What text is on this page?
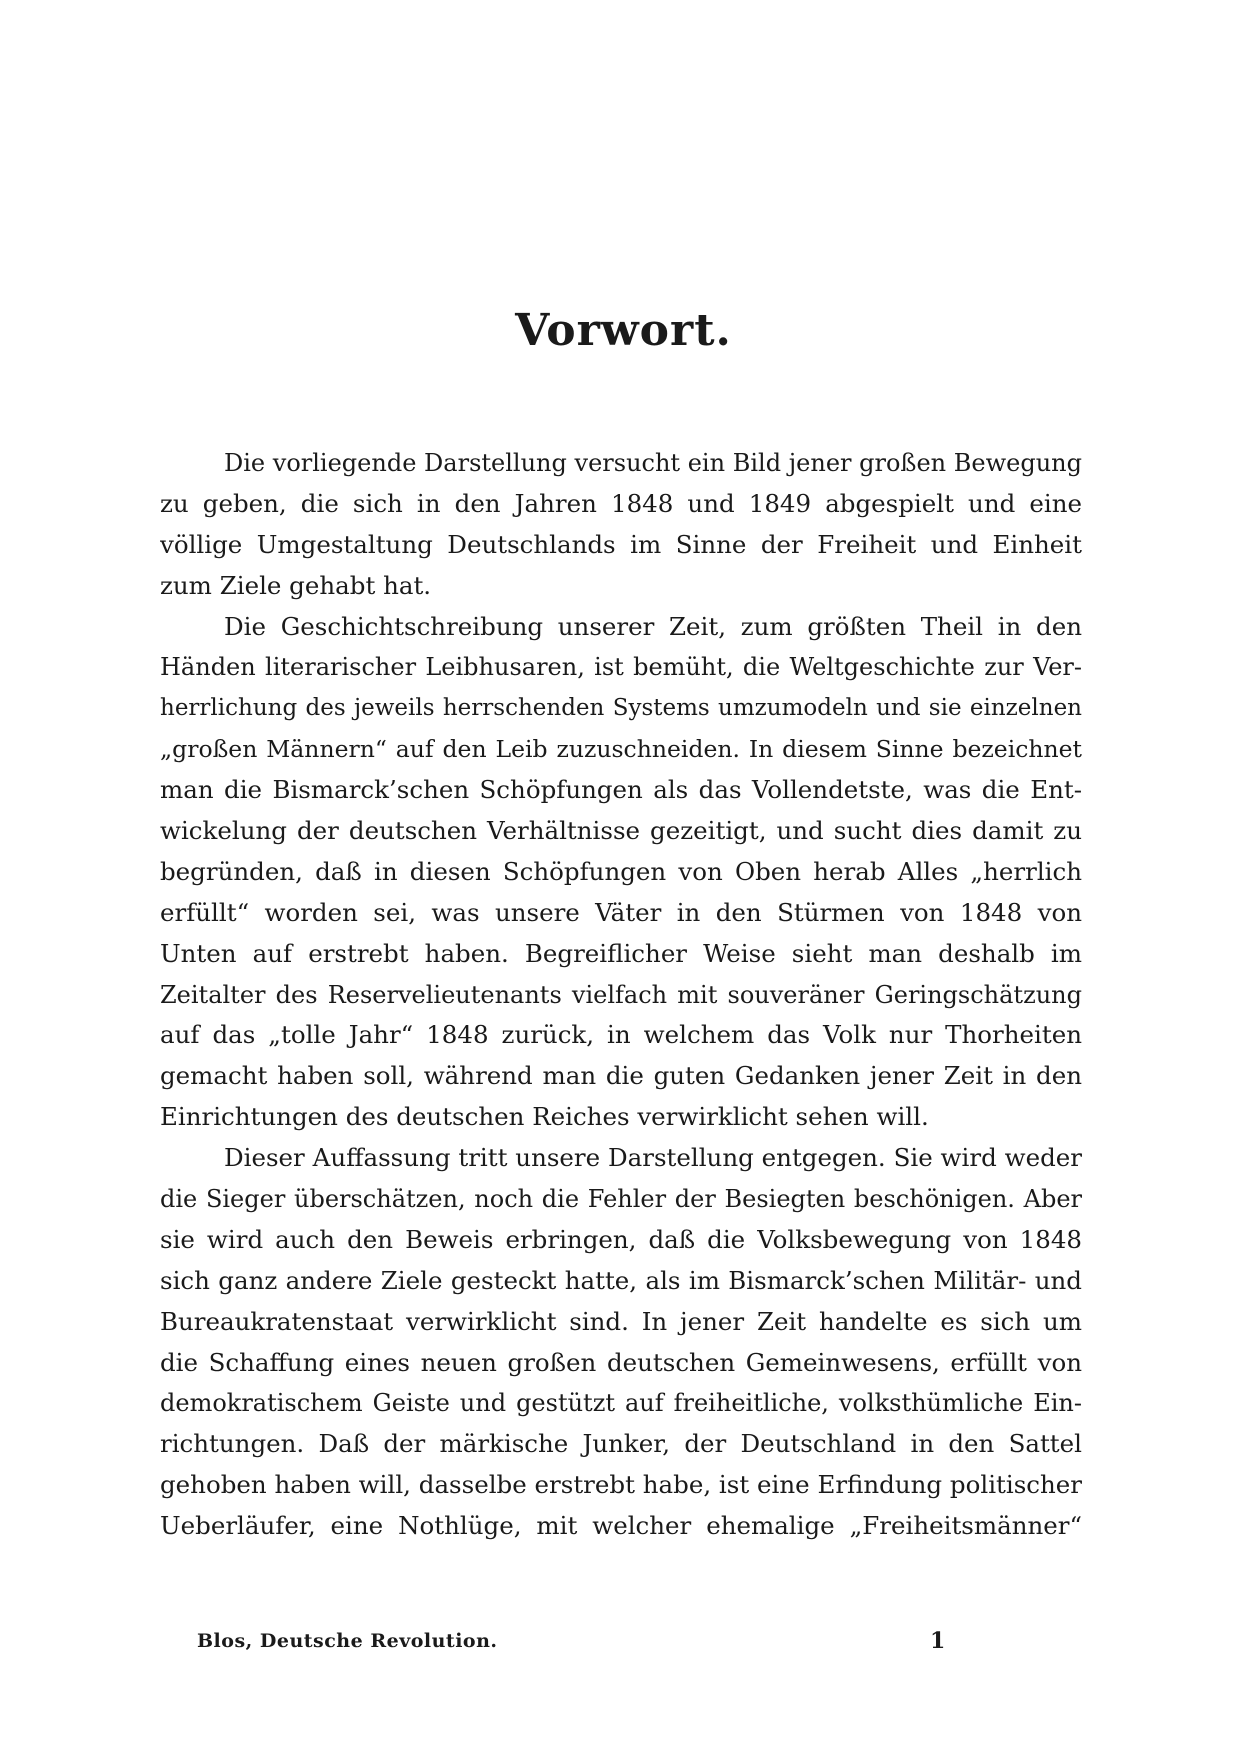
Vorwort.

Die vorliegende Darstellung versucht ein Bild jener großen Bewegung
zu geben, die sich in den Jahren 1848 und 1849 abgespielt und eine
völlige Umgestaltung Deutschlands im Sinne der Freiheit und Einheit
zum Ziele gehabt hat.

Die Geschichtschreibung unserer Zeit, zum größten Theil in den
Händen literarischer Leibhusaren, ist bemüht, die Weltgeschichte zur Ver-
herrlichung des jeweils herrschenden Systems umzumodeln und sie einzelnen
„großen Männern“ auf den Leib zuzuschneiden. In diesem Sinne bezeichnet
man die Bismarck’schen Schöpfungen als das Vollendetste, was die Ent-
wickelung der deutschen Verhältnisse gezeitigt, und sucht dies damit zu
begründen, daß in diesen Schöpfungen von Oben herab Alles „herrlich
erfüllt“ worden sei, was unsere Väter in den Stürmen von 1848 von
Unten auf erstrebt haben. Begreiflicher Weise sieht man deshalb im
Zeitalter des Reservelieutenants vielfach mit souveräner Geringschätzung
auf das „tolle Jahr“ 1848 zurück, in welchem das Volk nur Thorheiten
gemacht haben soll, während man die guten Gedanken jener Zeit in den
Einrichtungen des deutschen Reiches verwirklicht sehen will.

Dieser Auffassung tritt unsere Darstellung entgegen. Sie wird weder
die Sieger überschätzen, noch die Fehler der Besiegten beschönigen. Aber
sie wird auch den Beweis erbringen, daß die Volksbewegung von 1848
sich ganz andere Ziele gesteckt hatte, als im Bismarck’schen Militär- und
Bureaukratenstaat verwirklicht sind. In jener Zeit handelte es sich um
die Schaffung eines neuen großen deutschen Gemeinwesens, erfüllt von
demokratischem Geiste und gestützt auf freiheitliche, volksthümliche Ein-
richtungen. Daß der märkische Junker, der Deutschland in den Sattel
gehoben haben will, dasselbe erstrebt habe, ist eine Erfindung politischer
Ueberläufer, eine Nothlüge, mit welcher ehemalige „Freiheitsmänner“

Blos, Deutsche Revolution.	1
